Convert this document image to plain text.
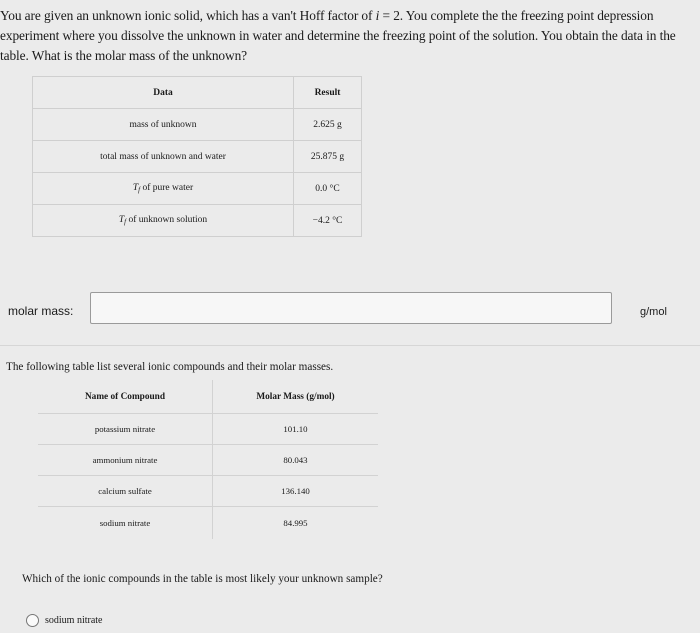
You are given an unknown ionic solid, which has a van't Hoff factor of i = 2. You complete the the freezing point depression
experiment where you dissolve the unknown in water and determine the freezing point of the solution. You obtain the data in the
table. What is the molar mass of the unknown?
Data	Result
mass of unknown	2.625 g
total mass of unknown and water	25.875 g
$T_f$ of pure water	0.0 °C
$T_f$ of unknown solution	−4.2 °C
molar mass:	g/mol
The following table list several ionic compounds and their molar masses.
Name of Compound	Molar Mass (g/mol)
potassium nitrate	101.10
ammonium nitrate	80.043
calcium sulfate	136.140
sodium nitrate	84.995
Which of the ionic compounds in the table is most likely your unknown sample?
sodium nitrate
